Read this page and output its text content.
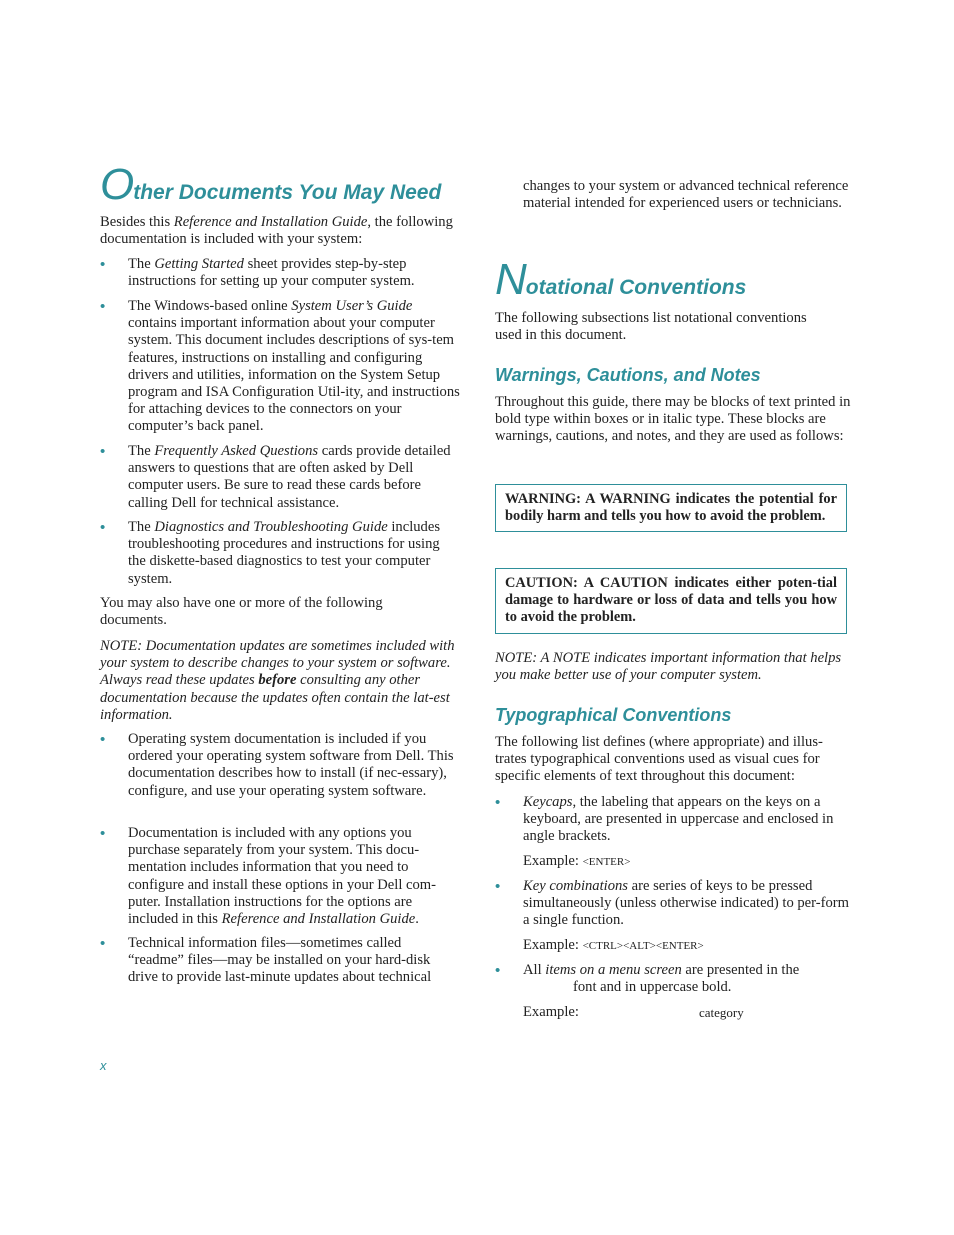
Other Documents You May Need
Besides this Reference and Installation Guide, the following documentation is included with your system:
• The Getting Started sheet provides step-by-step instructions for setting up your computer system.
• The Windows-based online System User’s Guide contains important information about your computer system. This document includes descriptions of sys-tem features, instructions on installing and configuring drivers and utilities, information on the System Setup program and ISA Configuration Util-ity, and instructions for attaching devices to the connectors on your computer’s back panel.
• The Frequently Asked Questions cards provide detailed answers to questions that are often asked by Dell computer users. Be sure to read these cards before calling Dell for technical assistance.
• The Diagnostics and Troubleshooting Guide includes troubleshooting procedures and instructions for using the diskette-based diagnostics to test your computer system.
You may also have one or more of the following documents.
NOTE: Documentation updates are sometimes included with your system to describe changes to your system or software. Always read these updates before consulting any other documentation because the updates often contain the lat-est information.
• Operating system documentation is included if you ordered your operating system software from Dell. This documentation describes how to install (if nec-essary), configure, and use your operating system software.
• Documentation is included with any options you purchase separately from your system. This docu-mentation includes information that you need to configure and install these options in your Dell com-puter. Installation instructions for the options are included in this Reference and Installation Guide.
• Technical information files—sometimes called “readme” files—may be installed on your hard-disk drive to provide last-minute updates about technical
x
changes to your system or advanced technical reference material intended for experienced users or technicians.
Notational Conventions
The following subsections list notational conventions used in this document.
Warnings, Cautions, and Notes
Throughout this guide, there may be blocks of text printed in bold type within boxes or in italic type. These blocks are warnings, cautions, and notes, and they are used as follows:
WARNING: A WARNING indicates the potential for bodily harm and tells you how to avoid the problem.
CAUTION: A CAUTION indicates either poten-tial damage to hardware or loss of data and tells you how to avoid the problem.
NOTE: A NOTE indicates important information that helps you make better use of your computer system.
Typographical Conventions
The following list defines (where appropriate) and illus-trates typographical conventions used as visual cues for specific elements of text throughout this document:
• Keycaps, the labeling that appears on the keys on a keyboard, are presented in uppercase and enclosed in angle brackets.
Example: <ENTER>
• Key combinations are series of keys to be pressed simultaneously (unless otherwise indicated) to per-form a single function.
Example: <CTRL><ALT><ENTER>
• All items on a menu screen are presented in the
font and in uppercase bold.
Example:	category
